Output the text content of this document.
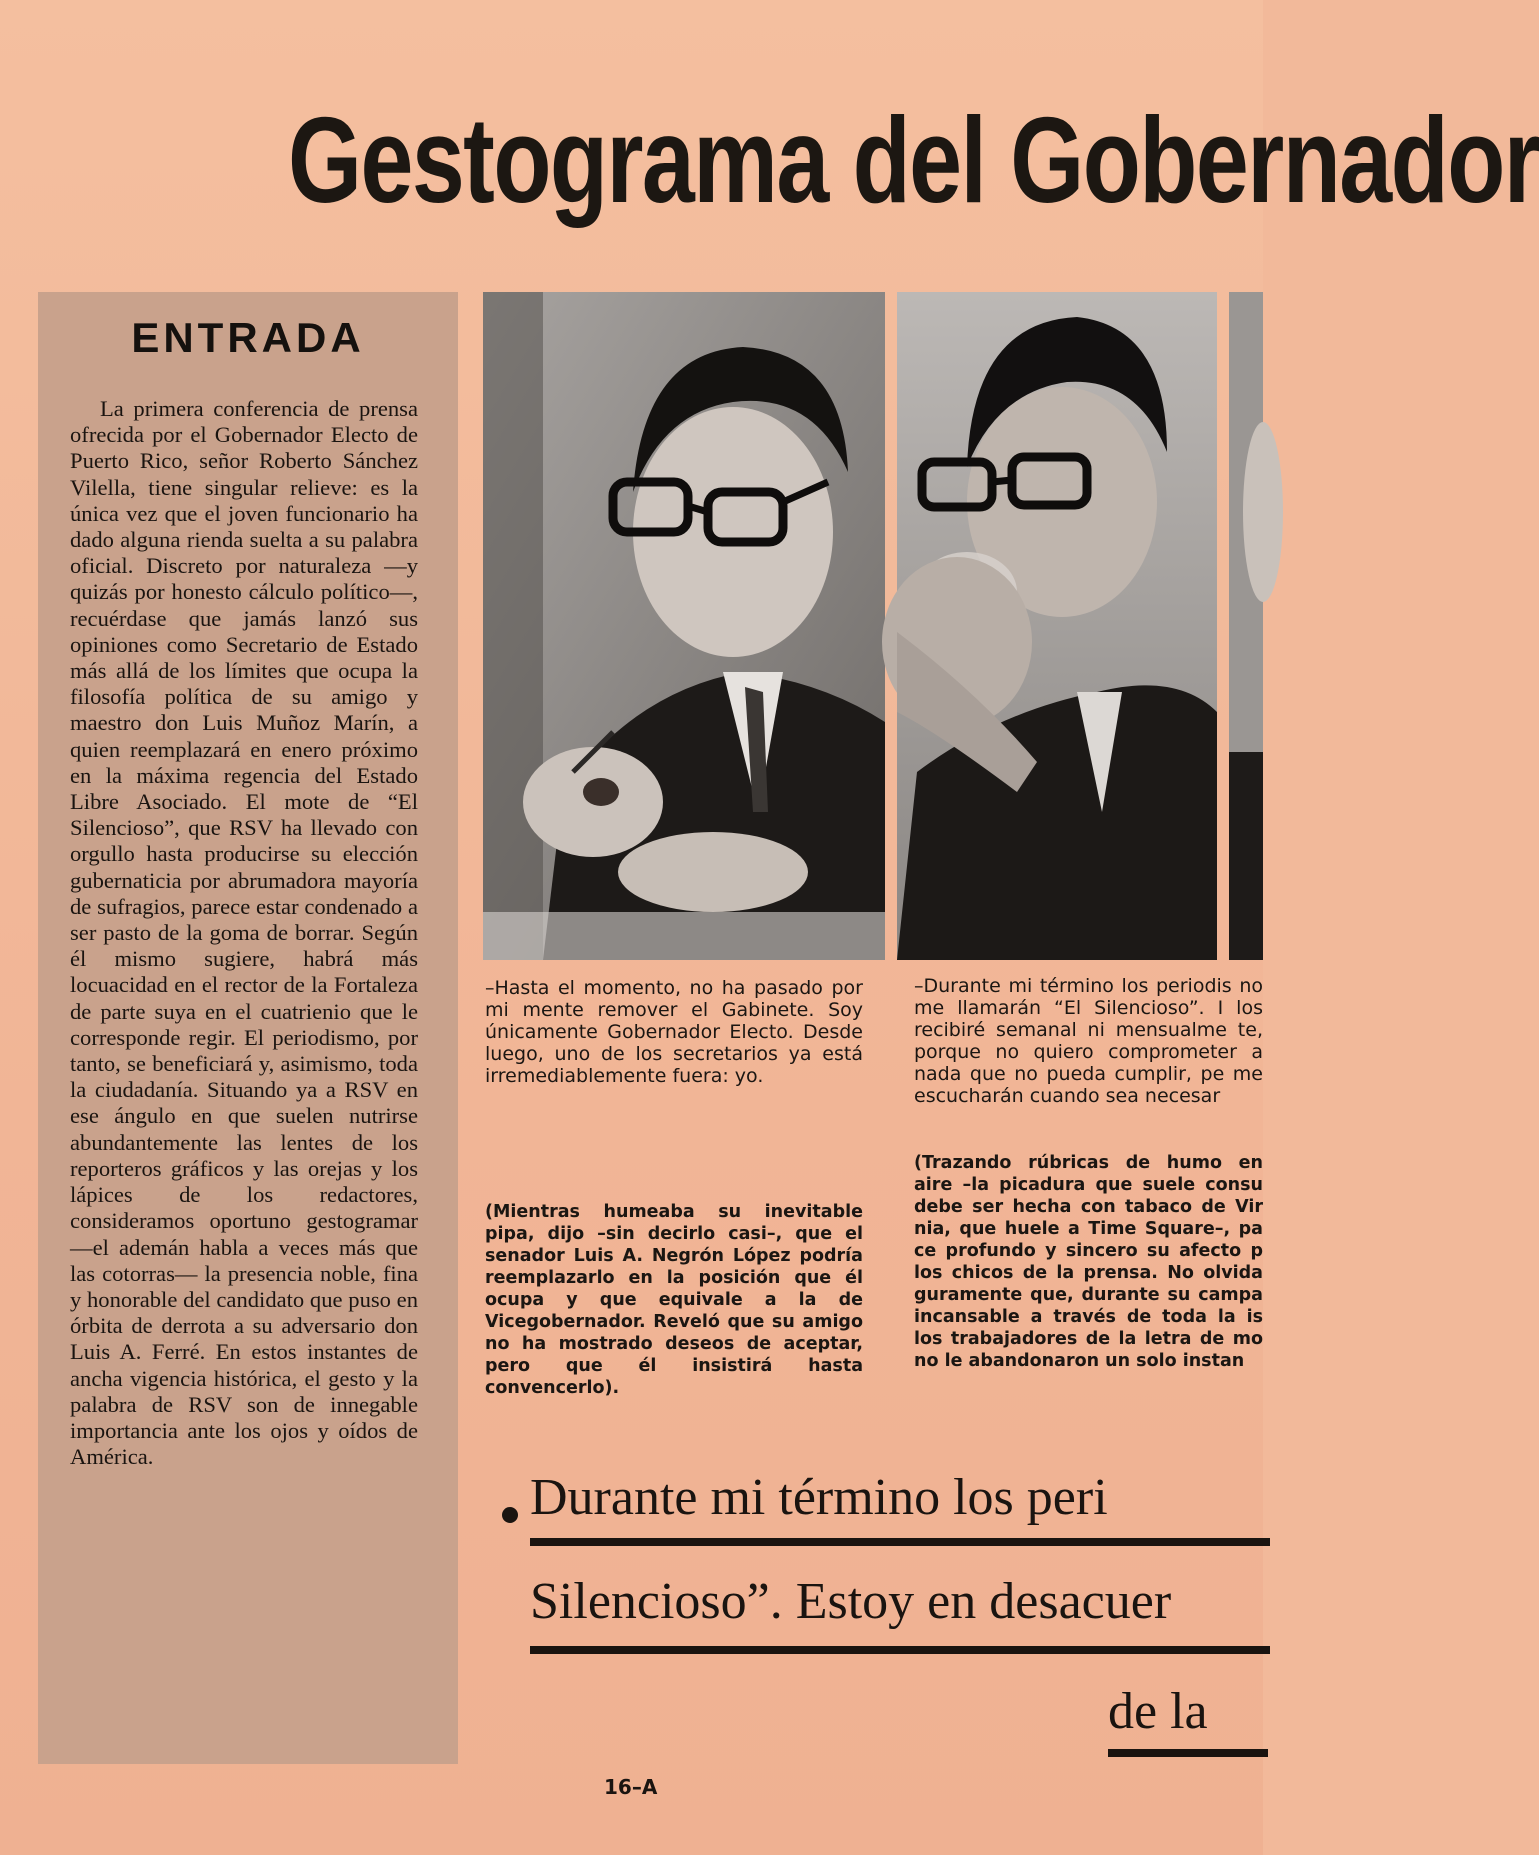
Gestograma del Gobernador
ENTRADA
La primera conferencia de prensa ofrecida por el Gobernador Electo de Puerto Rico, señor Roberto Sánchez Vilella, tiene singular relieve: es la única vez que el joven funcionario ha dado alguna rienda suelta a su palabra oficial. Discreto por naturaleza —y quizás por honesto cálculo político—, recuérdase que jamás lanzó sus opiniones como Secretario de Estado más allá de los límites que ocupa la filosofía política de su amigo y maestro don Luis Muñoz Marín, a quien reemplazará en enero próximo en la máxima regencia del Estado Libre Asociado. El mote de “El Silencioso”, que RSV ha llevado con orgullo hasta producirse su elección gubernaticia por abrumadora mayoría de sufragios, parece estar condenado a ser pasto de la goma de borrar. Según él mismo sugiere, habrá más locuacidad en el rector de la Fortaleza de parte suya en el cuatrienio que le corresponde regir. El periodismo, por tanto, se beneficiará y, asimismo, toda la ciudadanía. Situando ya a RSV en ese ángulo en que suelen nutrirse abundantemente las lentes de los reporteros gráficos y las orejas y los lápices de los redactores, consideramos oportuno gestogramar —el ademán habla a veces más que las cotorras— la presencia noble, fina y honorable del candidato que puso en órbita de derrota a su adversario don Luis A. Ferré. En estos instantes de ancha vigencia histórica, el gesto y la palabra de RSV son de innegable importancia ante los ojos y oídos de América.
–Hasta el momento, no ha pasado por mi mente remover el Gabinete. Soy únicamente Gobernador Electo. Desde luego, uno de los secretarios ya está irremediablemente fuera: yo.
–Durante mi término los periodis no me llamarán “El Silencioso”. I los recibiré semanal ni mensualme te, porque no quiero comprometer a nada que no pueda cumplir, pe me escucharán cuando sea necesar
(Mientras humeaba su inevitable pipa, dijo –sin decirlo casi–, que el senador Luis A. Negrón López podría reemplazarlo en la posición que él ocupa y que equivale a la de Vicegobernador. Reveló que su amigo no ha mostrado deseos de aceptar, pero que él insistirá hasta convencerlo).
(Trazando rúbricas de humo en aire –la picadura que suele consu debe ser hecha con tabaco de Vir nia, que huele a Time Square–, pa ce profundo y sincero su afecto p los chicos de la prensa. No olvida guramente que, durante su campa incansable a través de toda la is los trabajadores de la letra de mo no le abandonaron un solo instan
Durante mi término los peri
Silencioso”. Estoy en desacuer
de la
16–A
